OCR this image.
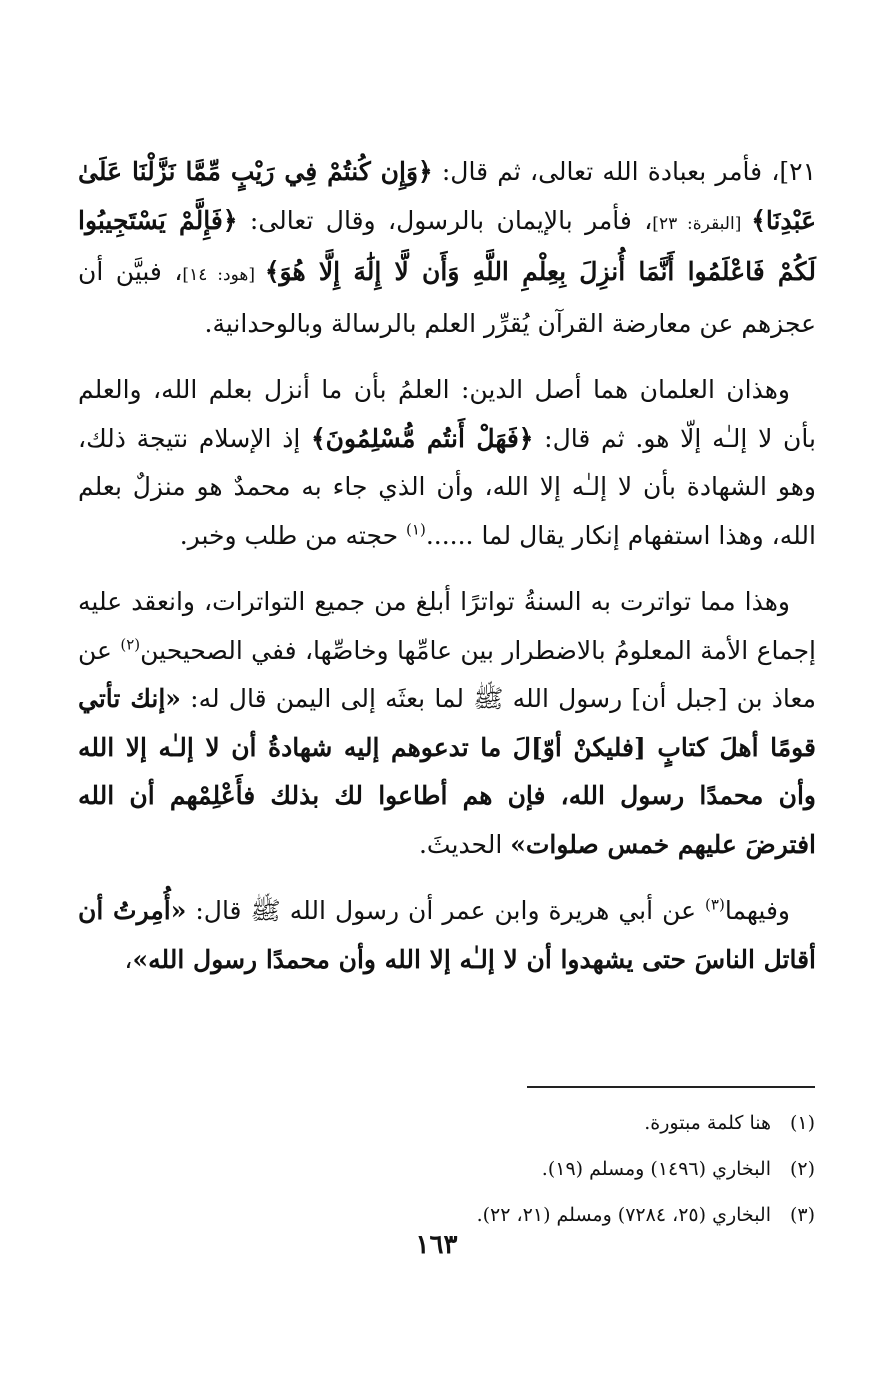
٢١]، فأمر بعبادة الله تعالى، ثم قال: ﴿وَإِن كُنتُمْ فِي رَيْبٍ مِّمَّا نَزَّلْنَا عَلَىٰ عَبْدِنَا﴾ [البقرة: ٢٣]، فأمر بالإيمان بالرسول، وقال تعالى: ﴿فَإِلَّمْ يَسْتَجِيبُوا لَكُمْ فَاعْلَمُوا أَنَّمَا أُنزِلَ بِعِلْمِ اللَّهِ وَأَن لَّا إِلَٰهَ إِلَّا هُوَ﴾ [هود: ١٤]، فبيَّن أن عجزهم عن معارضة القرآن يُقرِّر العلم بالرسالة وبالوحدانية.

وهذان العلمان هما أصل الدين: العلمُ بأن ما أنزل بعلم الله، والعلم بأن لا إلـٰه إلّا هو. ثم قال: ﴿فَهَلْ أَنتُم مُّسْلِمُونَ﴾ إذ الإسلام نتيجة ذلك، وهو الشهادة بأن لا إلـٰه إلا الله، وأن الذي جاء به محمدٌ هو منزلٌ بعلم الله، وهذا استفهام إنكار يقال لما ......$^{(١)}$ حجته من طلب وخبر.

وهذا مما تواترت به السنةُ تواترًا أبلغ من جميع التواترات، وانعقد عليه إجماع الأمة المعلومُ بالاضطرار بين عامِّها وخاصِّها، ففي الصحيحين$^{(٢)}$ عن معاذ بن [جبل أن] رسول الله ﷺ لما بعثَه إلى اليمن قال له: «إنك تأتي قومًا أهلَ كتابٍ [فليكنْ أوّ]لَ ما تدعوهم إليه شهادةُ أن لا إلـٰه إلا الله وأن محمدًا رسول الله، فإن هم أطاعوا لك بذلك فأَعْلِمْهم أن الله افترضَ عليهم خمس صلوات» الحديثَ.

وفيهما$^{(٣)}$ عن أبي هريرة وابن عمر أن رسول الله ﷺ قال: «أُمِرتُ أن أقاتل الناسَ حتى يشهدوا أن لا إلـٰه إلا الله وأن محمدًا رسول الله»،

(١)هنا كلمة مبتورة.
(٢)البخاري (١٤٩٦) ومسلم (١٩).
(٣)البخاري (٢٥، ٧٢٨٤) ومسلم (٢١، ٢٢).
١٦٣
